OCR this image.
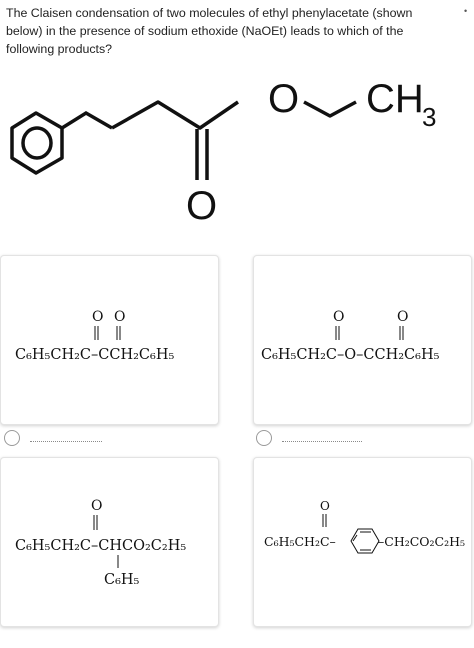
The Claisen condensation of two molecules of ethyl phenylacetate (shown
below) in the presence of sodium ethoxide (NaOEt) leads to which of the
following products?
•
O
O
CH
3
O O
C₆H₅CH₂C–CCH₂C₆H₅
O	O
C₆H₅CH₂C–O–CCH₂C₆H₅
O
C₆H₅CH₂C–CHCO₂C₂H₅
C₆H₅
O
C₆H₅CH₂C–	–CH₂CO₂C₂H₅
